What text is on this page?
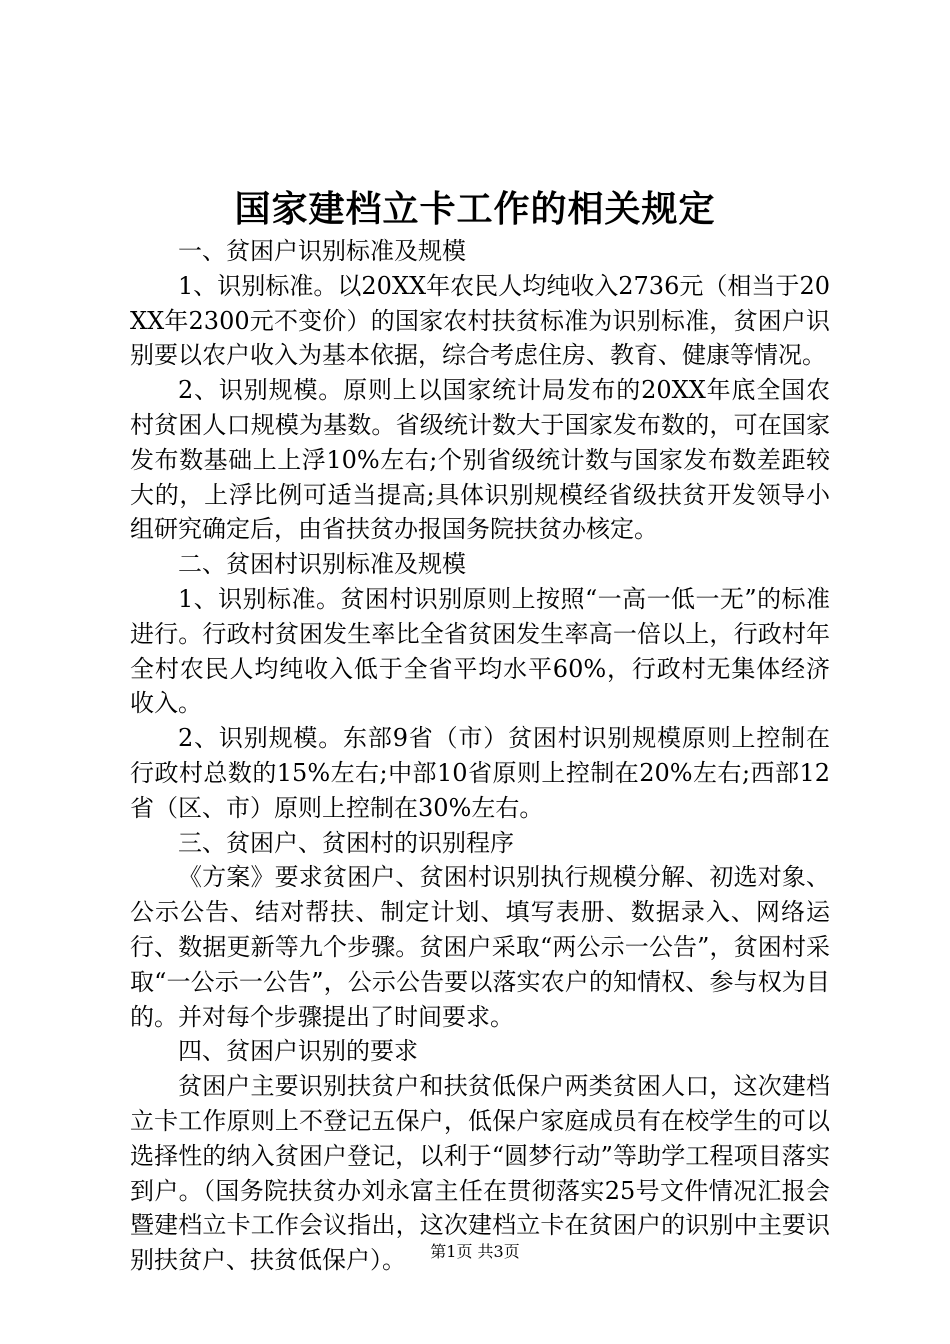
国家建档立卡工作的相关规定

一、贫困户识别标准及规模

1、识别标准。以20XX年农民人均纯收入2736元（相当于20XX年2300元不变价）的国家农村扶贫标准为识别标准，贫困户识别要以农户收入为基本依据，综合考虑住房、教育、健康等情况。

2、识别规模。原则上以国家统计局发布的20XX年底全国农村贫困人口规模为基数。省级统计数大于国家发布数的，可在国家发布数基础上上浮10%左右;个别省级统计数与国家发布数差距较大的，上浮比例可适当提高;具体识别规模经省级扶贫开发领导小组研究确定后，由省扶贫办报国务院扶贫办核定。

二、贫困村识别标准及规模

1、识别标准。贫困村识别原则上按照“一高一低一无”的标准进行。行政村贫困发生率比全省贫困发生率高一倍以上，行政村年全村农民人均纯收入低于全省平均水平60%，行政村无集体经济收入。

2、识别规模。东部9省（市）贫困村识别规模原则上控制在行政村总数的15%左右;中部10省原则上控制在20%左右;西部12省（区、市）原则上控制在30%左右。

三、贫困户、贫困村的识别程序

《方案》要求贫困户、贫困村识别执行规模分解、初选对象、公示公告、结对帮扶、制定计划、填写表册、数据录入、网络运行、数据更新等九个步骤。贫困户采取“两公示一公告”，贫困村采取“一公示一公告”，公示公告要以落实农户的知情权、参与权为目的。并对每个步骤提出了时间要求。

四、贫困户识别的要求

贫困户主要识别扶贫户和扶贫低保户两类贫困人口，这次建档立卡工作原则上不登记五保户，低保户家庭成员有在校学生的可以选择性的纳入贫困户登记，以利于“圆梦行动”等助学工程项目落实到户。（国务院扶贫办刘永富主任在贯彻落实25号文件情况汇报会暨建档立卡工作会议指出，这次建档立卡在贫困户的识别中主要识别扶贫户、扶贫低保户）。	第1页 共3页
